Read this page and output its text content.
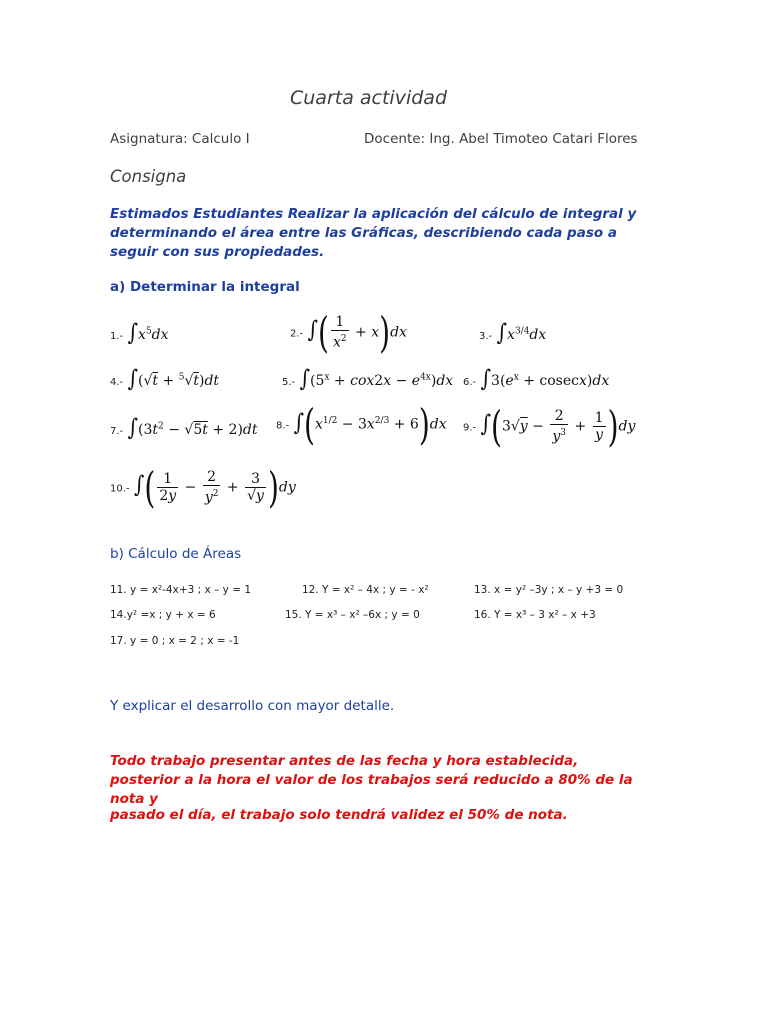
Cuarta actividad
Asignatura: Calculo I	Docente: Ing. Abel Timoteo Catari Flores
Consigna
Estimados Estudiantes Realizar la aplicación del cálculo de integral y determinando el área entre las Gráficas, describiendo cada paso a seguir con sus propiedades.
a) Determinar la integral
1.- $\int x^5dx$	2.- ∫( $\frac{1}{x^2} + x)dx$	3.- $\int x^{3/4}dx$
4.- ∫(√t + $^5$√t)dt	5.- $\int(5^x + cox2x - e^{4x})dx$ 6.- $\int 3(e^x + cosecx)dx$
7.- $\int(3t^2 - √5t + 2)dt$ 8.- $\int(x^{1/2} - 3x^{2/3} + 6)dx$ 9.- $\int(3√y - \frac{2}{y^3} + \frac{1}{y} )dy$
10.- ∫( $\frac{1}{2y} - \frac{2}{y^2} + \frac{3}{√y} )dy$
b) Cálculo de Áreas
11. y = x²-4x+3 ; x – y = 1	12. Y = x² – 4x ; y = - x²	13. x = y² –3y ; x – y +3 = 0
14.y² =x ; y + x = 6	15. Y = x³ – x² –6x ; y = 0	16. Y = x³ – 3 x² – x +3
17. y = 0 ; x = 2 ; x = -1
Y explicar el desarrollo con mayor detalle.
Todo trabajo presentar antes de las fecha y hora establecida, posterior a la hora el valor de los trabajos será reducido a 80% de la nota y
pasado el día, el trabajo solo tendrá validez el 50% de nota.
